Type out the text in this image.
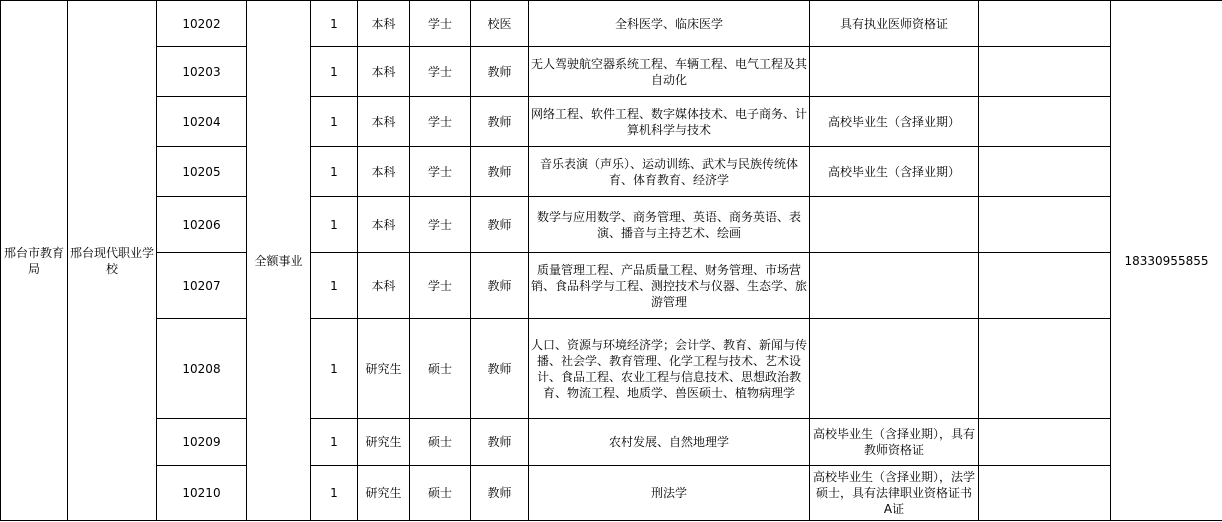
邢台市教育局	邢台现代职业学校	10202	全额事业	1	本科	学士	校医	全科医学、临床医学	具有执业医师资格证		18330955855
		10203		1	本科	学士	教师	无人驾驶航空器系统工程、车辆工程、电气工程及其自动化			
		10204		1	本科	学士	教师	网络工程、软件工程、数字媒体技术、电子商务、计算机科学与技术	高校毕业生（含择业期）		
		10205		1	本科	学士	教师	音乐表演（声乐）、运动训练、武术与民族传统体育、体育教育、经济学	高校毕业生（含择业期）		
		10206		1	本科	学士	教师	数学与应用数学、商务管理、英语、商务英语、表演、播音与主持艺术、绘画			
		10207		1	本科	学士	教师	质量管理工程、产品质量工程、财务管理、市场营销、食品科学与工程、测控技术与仪器、生态学、旅游管理			
		10208		1	研究生	硕士	教师	人口、资源与环境经济学；会计学、教育、新闻与传播、社会学、教育管理、化学工程与技术、艺术设计、食品工程、农业工程与信息技术、思想政治教育、物流工程、地质学、兽医硕士、植物病理学			
		10209		1	研究生	硕士	教师	农村发展、自然地理学	高校毕业生（含择业期），具有教师资格证		
		10210		1	研究生	硕士	教师	刑法学	高校毕业生（含择业期），法学硕士，具有法律职业资格证书A证		
